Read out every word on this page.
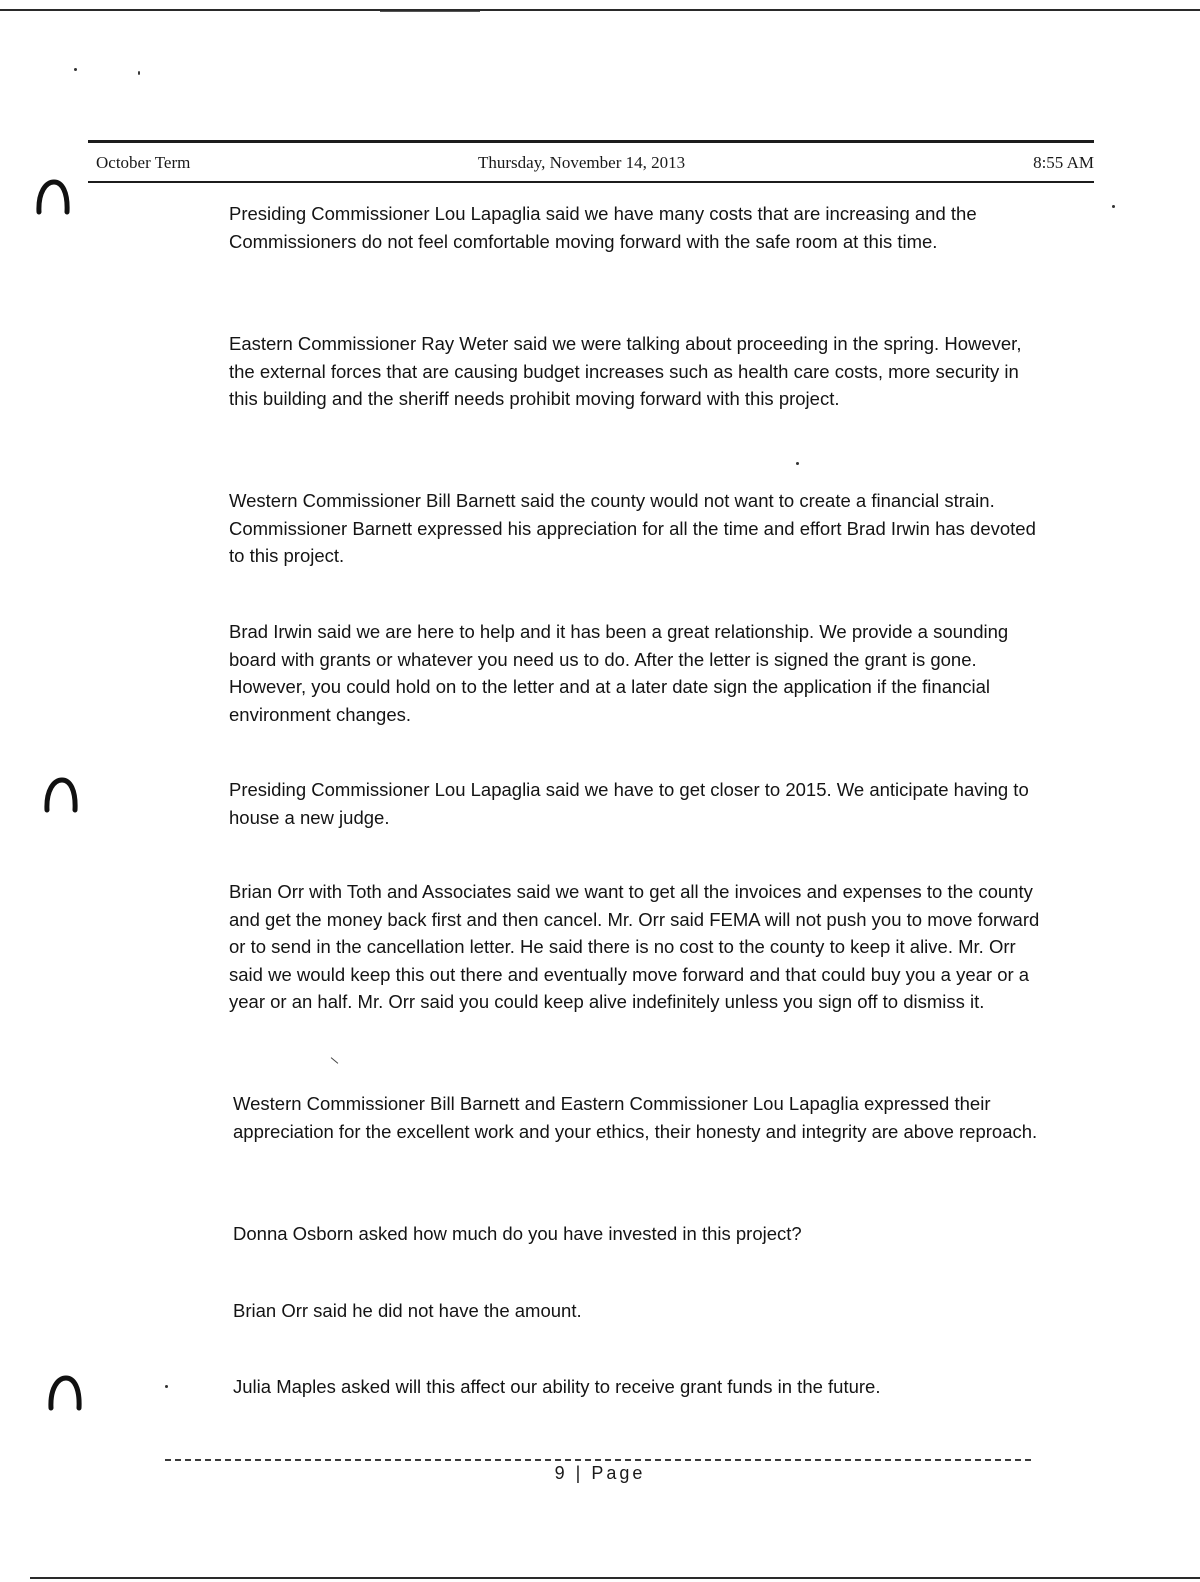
October Term	Thursday, November 14, 2013	8:55 AM

Presiding Commissioner Lou Lapaglia said we have many costs that are increasing and the Commissioners do not feel comfortable moving forward with the safe room at this time.

Eastern Commissioner Ray Weter said we were talking about proceeding in the spring. However, the external forces that are causing budget increases such as health care costs, more security in this building and the sheriff needs prohibit moving forward with this project.

Western Commissioner Bill Barnett said the county would not want to create a financial strain. Commissioner Barnett expressed his appreciation for all the time and effort Brad Irwin has devoted to this project.

Brad Irwin said we are here to help and it has been a great relationship. We provide a sounding board with grants or whatever you need us to do. After the letter is signed the grant is gone. However, you could hold on to the letter and at a later date sign the application if the financial environment changes.

Presiding Commissioner Lou Lapaglia said we have to get closer to 2015. We anticipate having to house a new judge.

Brian Orr with Toth and Associates said we want to get all the invoices and expenses to the county and get the money back first and then cancel. Mr. Orr said FEMA will not push you to move forward or to send in the cancellation letter. He said there is no cost to the county to keep it alive. Mr. Orr said we would keep this out there and eventually move forward and that could buy you a year or a year or an half. Mr. Orr said you could keep alive indefinitely unless you sign off to dismiss it.

Western Commissioner Bill Barnett and Eastern Commissioner Lou Lapaglia expressed their appreciation for the excellent work and your ethics, their honesty and integrity are above reproach.

Donna Osborn asked how much do you have invested in this project?

Brian Orr said he did not have the amount.

Julia Maples asked will this affect our ability to receive grant funds in the future.

9 | Page
